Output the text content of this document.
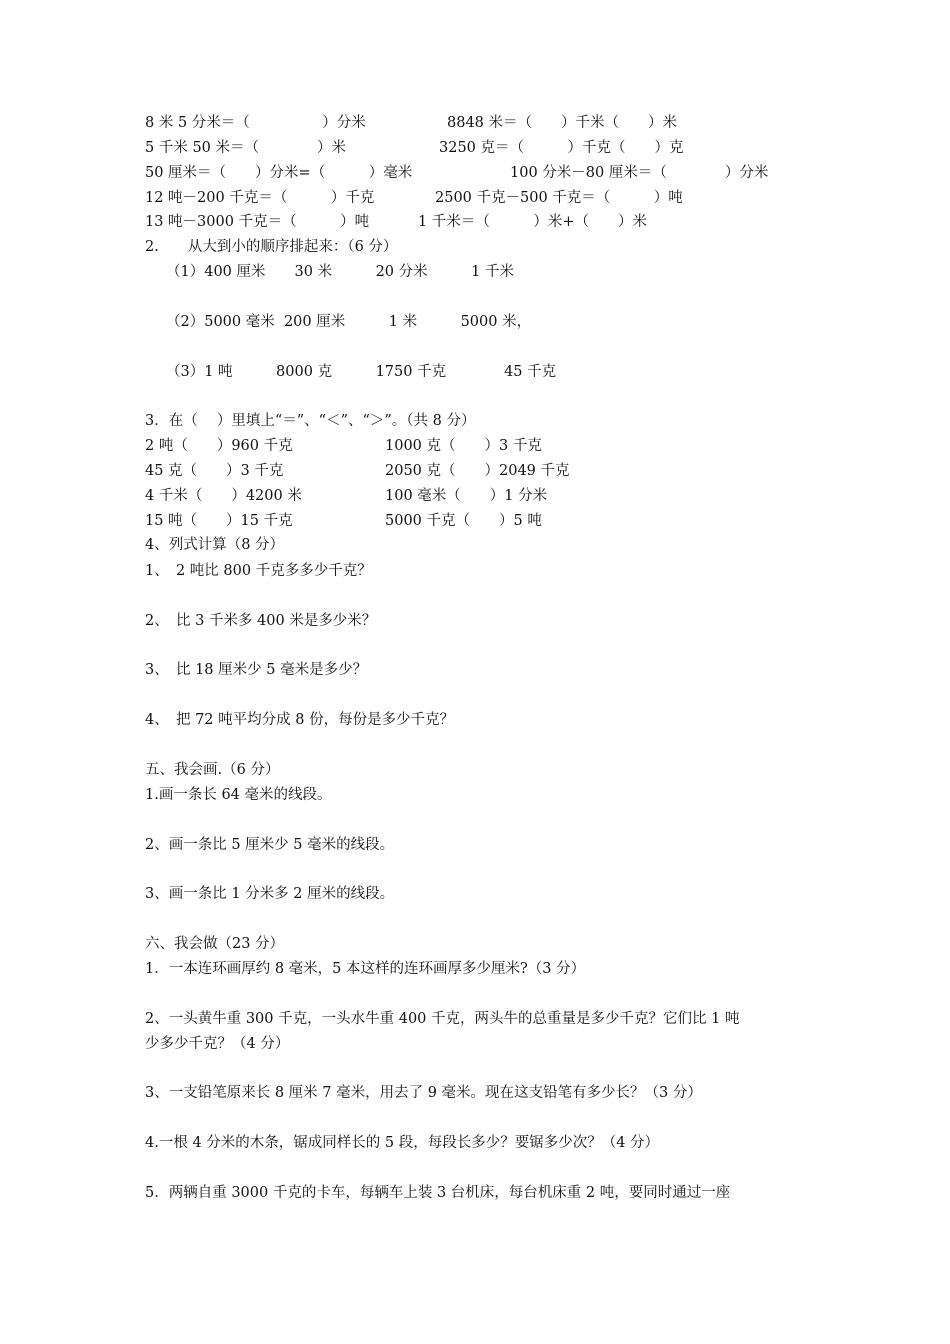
8 米 5 分米＝（　　　　　）分米	8848 米＝（　　）千米（　　）米
5 千米 50 米＝（　　　　）米	3250 克＝（　　　）千克（　　）克
50 厘米＝（　　）分米=（　　　）毫米	100 分米－80 厘米＝（　　　　）分米
12 吨－200 千克＝（　　　）千克	2500 千克－500 千克＝（　　　）吨
13 吨－3000 千克＝（　　　）吨	1 千米＝（　　　）米+（　　）米
2.　　从大到小的顺序排起来：（6 分）
（1）400 厘米　　30 米　　　20 分米　　　1 千米
（2）5000 毫米  200 厘米　　　1 米　　　5000 米，
（3）1 吨　　　8000 克　　　1750 千克　　　　45 千克
3．在（　 ）里填上“＝”、“＜”、“＞”。（共 8 分）
2 吨（　　）960 千克	1000 克（　　）3 千克
45 克（　　）3 千克	2050 克（　　）2049 千克
4 千米（　　）4200 米	100 毫米（　　）1 分米
15 吨（　　）15 千克	5000 千克（　　）5 吨
4、列式计算（8 分）
1、　2 吨比 800 千克多多少千克？
2、　比 3 千米多 400 米是多少米？
3、　比 18 厘米少 5 毫米是多少？
4、　把 72 吨平均分成 8 份，每份是多少千克？
五、我会画.（6 分）
1.画一条长 64 毫米的线段。
2、画一条比 5 厘米少 5 毫米的线段。
3、画一条比 1 分米多 2 厘米的线段。
六、我会做（23 分）
1．一本连环画厚约 8 毫米，5 本这样的连环画厚多少厘米?（3 分）
2、一头黄牛重 300 千克，一头水牛重 400 千克，两头牛的总重量是多少千克？它们比 1 吨
少多少千克？（4 分）
3、一支铅笔原来长 8 厘米 7 毫米，用去了 9 毫米。现在这支铅笔有多少长？（3 分）
4.一根 4 分米的木条，锯成同样长的 5 段，每段长多少？要锯多少次？（4 分）
5．两辆自重 3000 千克的卡车，每辆车上装 3 台机床，每台机床重 2 吨，要同时通过一座
